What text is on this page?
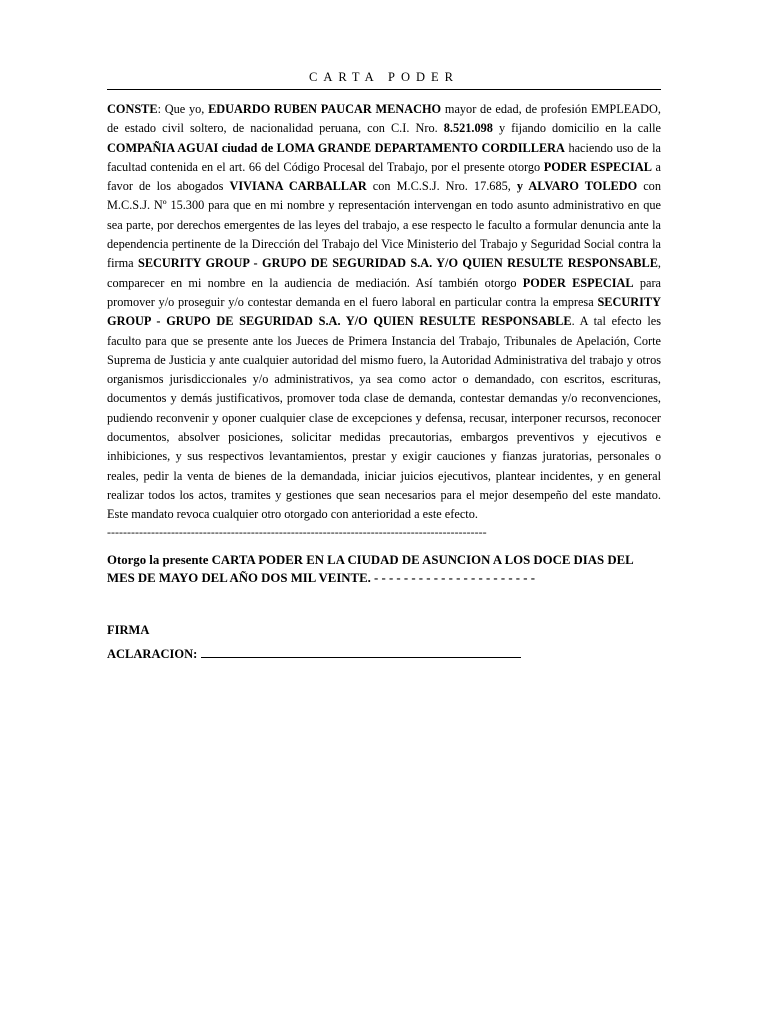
CARTA PODER

CONSTE: Que yo, EDUARDO RUBEN PAUCAR MENACHO mayor de edad, de profesión EMPLEADO, de estado civil soltero, de nacionalidad peruana, con C.I. Nro. 8.521.098 y fijando domicilio en la calle COMPAÑIA AGUAI ciudad de LOMA GRANDE DEPARTAMENTO CORDILLERA haciendo uso de la facultad contenida en el art. 66 del Código Procesal del Trabajo, por el presente otorgo PODER ESPECIAL a favor de los abogados VIVIANA CARBALLAR con M.C.S.J. Nro. 17.685, y ALVARO TOLEDO con M.C.S.J. Nº 15.300 para que en mi nombre y representación intervengan en todo asunto administrativo en que sea parte, por derechos emergentes de las leyes del trabajo, a ese respecto le faculto a formular denuncia ante la dependencia pertinente de la Dirección del Trabajo del Vice Ministerio del Trabajo y Seguridad Social contra la firma SECURITY GROUP - GRUPO DE SEGURIDAD S.A. Y/O QUIEN RESULTE RESPONSABLE, comparecer en mi nombre en la audiencia de mediación. Así también otorgo PODER ESPECIAL para promover y/o proseguir y/o contestar demanda en el fuero laboral en particular contra la empresa SECURITY GROUP - GRUPO DE SEGURIDAD S.A. Y/O QUIEN RESULTE RESPONSABLE. A tal efecto les faculto para que se presente ante los Jueces de Primera Instancia del Trabajo, Tribunales de Apelación, Corte Suprema de Justicia y ante cualquier autoridad del mismo fuero, la Autoridad Administrativa del trabajo y otros organismos jurisdiccionales y/o administrativos, ya sea como actor o demandado, con escritos, escrituras, documentos y demás justificativos, promover toda clase de demanda, contestar demandas y/o reconvenciones, pudiendo reconvenir y oponer cualquier clase de excepciones y defensa, recusar, interponer recursos, reconocer documentos, absolver posiciones, solicitar medidas precautorias, embargos preventivos y ejecutivos e inhibiciones, y sus respectivos levantamientos, prestar y exigir cauciones y fianzas juratorias, personales o reales, pedir la venta de bienes de la demandada, iniciar juicios ejecutivos, plantear incidentes, y en general realizar todos los actos, tramites y gestiones que sean necesarios para el mejor desempeño del este mandato. Este mandato revoca cualquier otro otorgado con anterioridad a este efecto.

-----------------------------------------------------------------------------------------------

Otorgo la presente CARTA PODER EN LA CIUDAD DE ASUNCION A LOS DOCE DIAS DEL MES DE MAYO DEL AÑO DOS MIL VEINTE. - - - - - - - - - - - - - - - - - - - - - -

FIRMA

ACLARACION:
